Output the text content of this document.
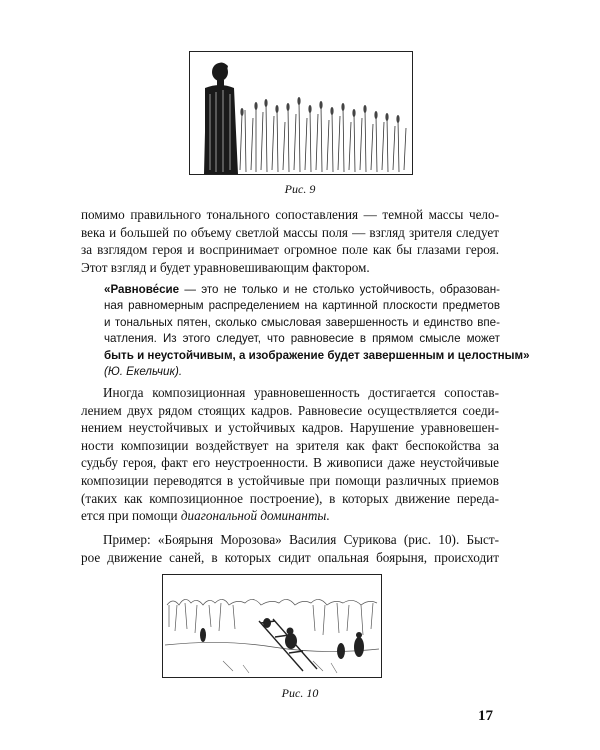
Рис. 9
помимо правильного тонального сопоставления — темной массы чело-
века и большей по объему светлой массы поля — взгляд зрителя следует
за взглядом героя и воспринимает огромное поле как бы глазами героя.
Этот взгляд и будет уравновешивающим фактором.
«Равнове́сие — это не только и не столько устойчивость, образован-
ная равномерным распределением на картинной плоскости предметов
и тональных пятен, сколько смысловая завершенность и единство впе-
чатления. Из этого следует, что равновесие в прямом смысле может
быть и неустойчивым, а изображение будет завершенным и целостным»
(Ю. Екельчик).
Иногда композиционная уравновешенность достигается сопостав-
лением двух рядом стоящих кадров. Равновесие осуществляется соеди-
нением неустойчивых и устойчивых кадров. Нарушение уравновешен-
ности композиции воздействует на зрителя как факт беспокойства за
судьбу героя, факт его неустроенности. В живописи даже неустойчивые
композиции переводятся в устойчивые при помощи различных приемов
(таких как композиционное построение), в которых движение переда-
ется при помощи диагональной доминанты.
Пример: «Боярыня Морозова» Василия Сурикова (рис. 10). Быст-
рое движение саней, в которых сидит опальная боярыня, происходит
Рис. 10
17
